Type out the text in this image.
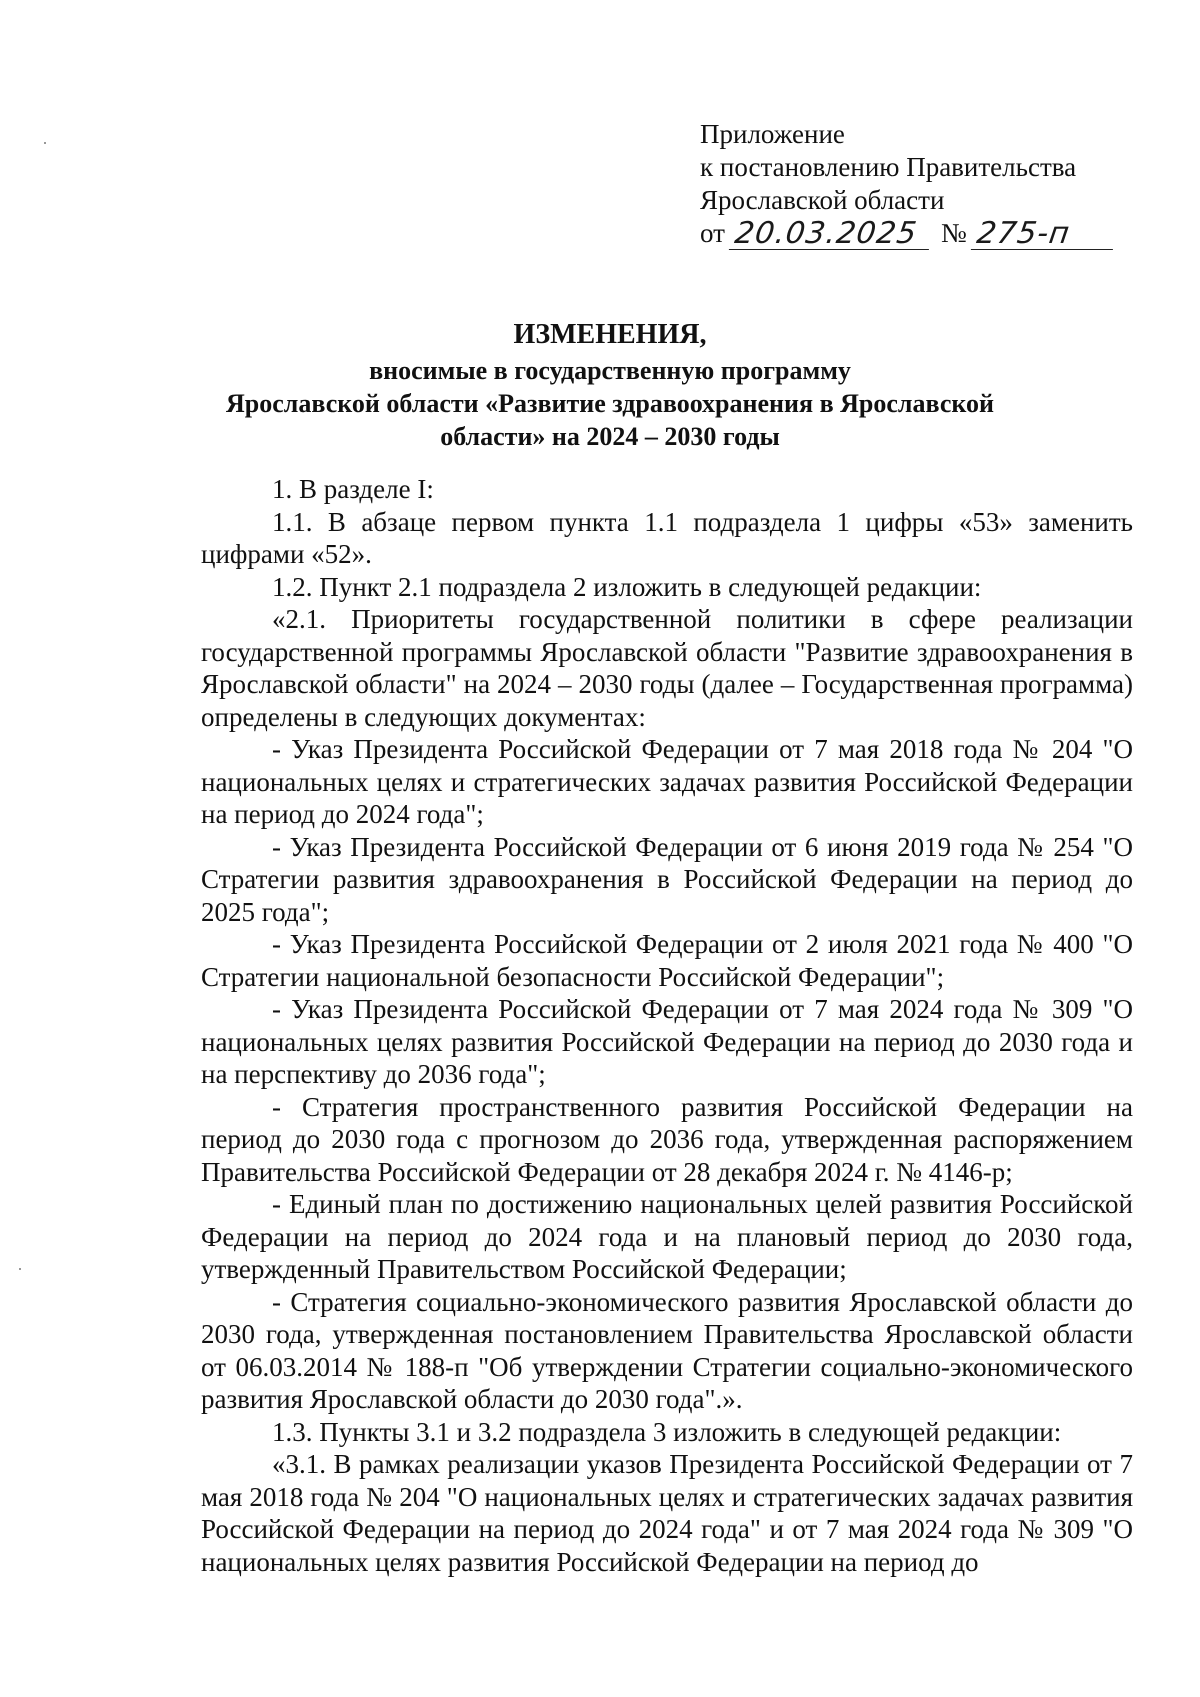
Приложение
к постановлению Правительства
Ярославской области
от 20.03.2025 № 275-п
ИЗМЕНЕНИЯ,
вносимые в государственную программу
Ярославской области «Развитие здравоохранения в Ярославской
области» на 2024 – 2030 годы

1. В разделе I:

1.1. В абзаце первом пункта 1.1 подраздела 1 цифры «53» заменить цифрами «52».

1.2. Пункт 2.1 подраздела 2 изложить в следующей редакции:

«2.1. Приоритеты государственной политики в сфере реализации государственной программы Ярославской области "Развитие здравоохранения в Ярославской области" на 2024 – 2030 годы (далее – Государственная программа) определены в следующих документах:

- Указ Президента Российской Федерации от 7 мая 2018 года № 204 "О национальных целях и стратегических задачах развития Российской Федерации на период до 2024 года";

- Указ Президента Российской Федерации от 6 июня 2019 года № 254 "О Стратегии развития здравоохранения в Российской Федерации на период до 2025 года";

- Указ Президента Российской Федерации от 2 июля 2021 года № 400 "О Стратегии национальной безопасности Российской Федерации";

- Указ Президента Российской Федерации от 7 мая 2024 года № 309 "О национальных целях развития Российской Федерации на период до 2030 года и на перспективу до 2036 года";

- Стратегия пространственного развития Российской Федерации на период до 2030 года с прогнозом до 2036 года, утвержденная распоряжением Правительства Российской Федерации от 28 декабря 2024 г. № 4146-р;

- Единый план по достижению национальных целей развития Российской Федерации на период до 2024 года и на плановый период до 2030 года, утвержденный Правительством Российской Федерации;

- Стратегия социально-экономического развития Ярославской области до 2030 года, утвержденная постановлением Правительства Ярославской области от 06.03.2014 № 188-п "Об утверждении Стратегии социально-экономического развития Ярославской области до 2030 года".».

1.3. Пункты 3.1 и 3.2 подраздела 3 изложить в следующей редакции:

«3.1. В рамках реализации указов Президента Российской Федерации от 7 мая 2018 года № 204 "О национальных целях и стратегических задачах развития Российской Федерации на период до 2024 года" и от 7 мая 2024 года № 309 "О национальных целях развития Российской Федерации на период до
